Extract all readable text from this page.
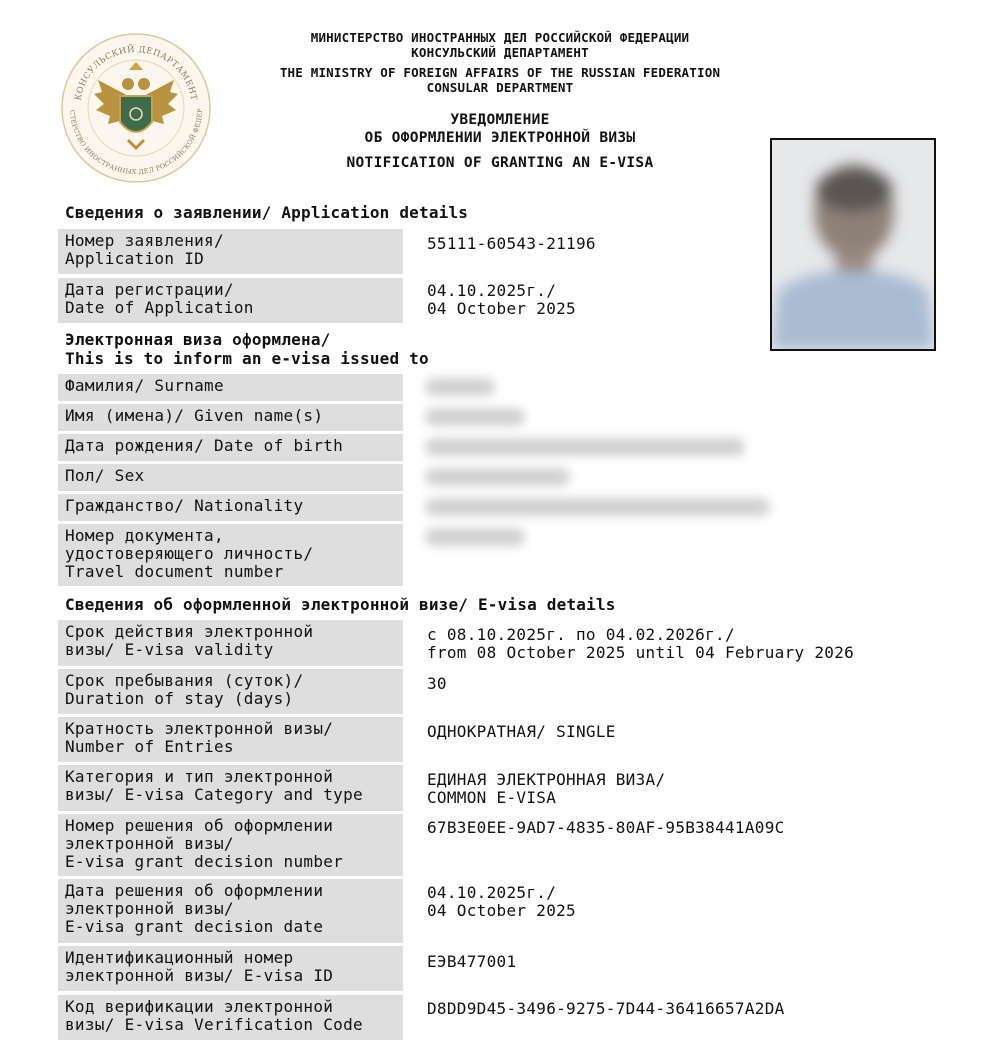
КОНСУЛЬСКИЙ ДЕПАРТАМЕНТ
СТЕРСТВО ИНОСТРАННЫХ ДЕЛ РОССИЙСКОЙ ФЕДЕР
МИНИСТЕРСТВО ИНОСТРАННЫХ ДЕЛ РОССИЙСКОЙ ФЕДЕРАЦИИ
КОНСУЛЬСКИЙ ДЕПАРТАМЕНТ
THE MINISTRY OF FOREIGN AFFAIRS OF THE RUSSIAN FEDERATION
CONSULAR DEPARTMENT
УВЕДОМЛЕНИЕ
ОБ ОФОРМЛЕНИИ ЭЛЕКТРОННОЙ ВИЗЫ
NOTIFICATION OF GRANTING AN E-VISA
Сведения о заявлении/ Application details
Номер заявления/
Application ID
55111-60543-21196
Дата регистрации/
Date of Application
04.10.2025г./
04 October 2025
Электронная виза оформлена/
This is to inform an e-visa issued to
Фамилия/ Surname
Имя (имена)/ Given name(s)
Дата рождения/ Date of birth
Пол/ Sex
Гражданство/ Nationality
Номер документа,
удостоверяющего личность/
Travel document number
Сведения об оформленной электронной визе/ E-visa details
Срок действия электронной
визы/ E-visa validity
с 08.10.2025г. по 04.02.2026г./
from 08 October 2025 until 04 February 2026
Срок пребывания (суток)/
Duration of stay (days)
30
Кратность электронной визы/
Number of Entries
ОДНОКРАТНАЯ/ SINGLE
Категория и тип электронной
визы/ E-visa Category and type
ЕДИНАЯ ЭЛЕКТРОННАЯ ВИЗА/
COMMON E-VISA
Номер решения об оформлении
электронной визы/
E-visa grant decision number
67B3E0EE-9AD7-4835-80AF-95B38441A09C
Дата решения об оформлении
электронной визы/
E-visa grant decision date
04.10.2025г./
04 October 2025
Идентификационный номер
электронной визы/ E-visa ID
ЕЭВ477001
Код верификации электронной
визы/ E-visa Verification Code
D8DD9D45-3496-9275-7D44-36416657A2DA
